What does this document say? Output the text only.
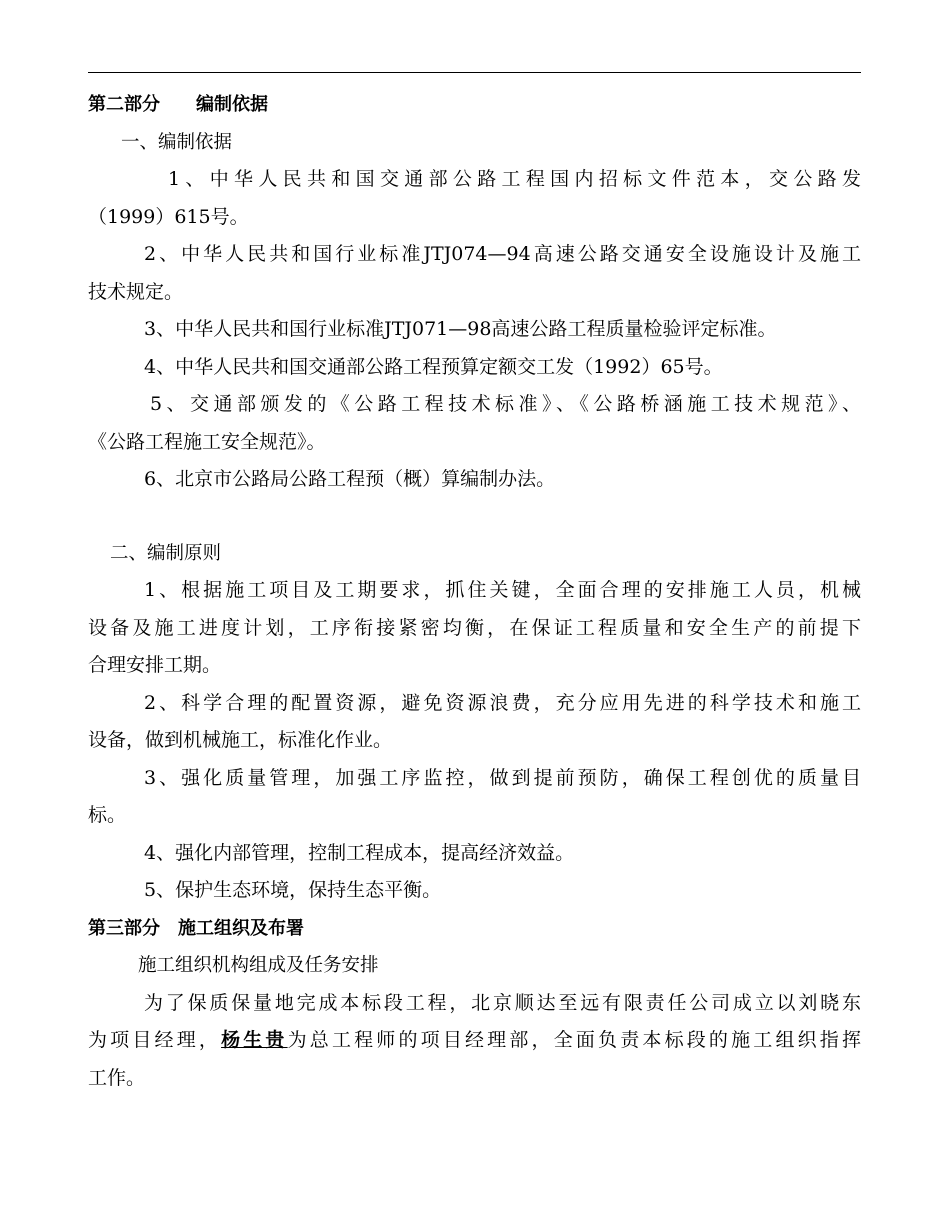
第二部分　　编制依据
一、编制依据
1、中华人民共和国交通部公路工程国内招标文件范本，交公路发
（1999）615号。
2、中华人民共和国行业标准JTJ074—94高速公路交通安全设施设计及施工
技术规定。
3、中华人民共和国行业标准JTJ071—98高速公路工程质量检验评定标准。
4、中华人民共和国交通部公路工程预算定额交工发（1992）65号。
5、交通部颁发的《公路工程技术标准》、《公路桥涵施工技术规范》、
《公路工程施工安全规范》。
6、北京市公路局公路工程预（概）算编制办法。
二、编制原则
1、根据施工项目及工期要求，抓住关键，全面合理的安排施工人员，机械
设备及施工进度计划，工序衔接紧密均衡，在保证工程质量和安全生产的前提下
合理安排工期。
2、科学合理的配置资源，避免资源浪费，充分应用先进的科学技术和施工
设备，做到机械施工，标准化作业。
3、强化质量管理，加强工序监控，做到提前预防，确保工程创优的质量目
标。
4、强化内部管理，控制工程成本，提高经济效益。
5、保护生态环境，保持生态平衡。
第三部分　施工组织及布署
施工组织机构组成及任务安排
为了保质保量地完成本标段工程，北京顺达至远有限责任公司成立以刘晓东
为项目经理，杨生贵为总工程师的项目经理部，全面负责本标段的施工组织指挥
工作。
